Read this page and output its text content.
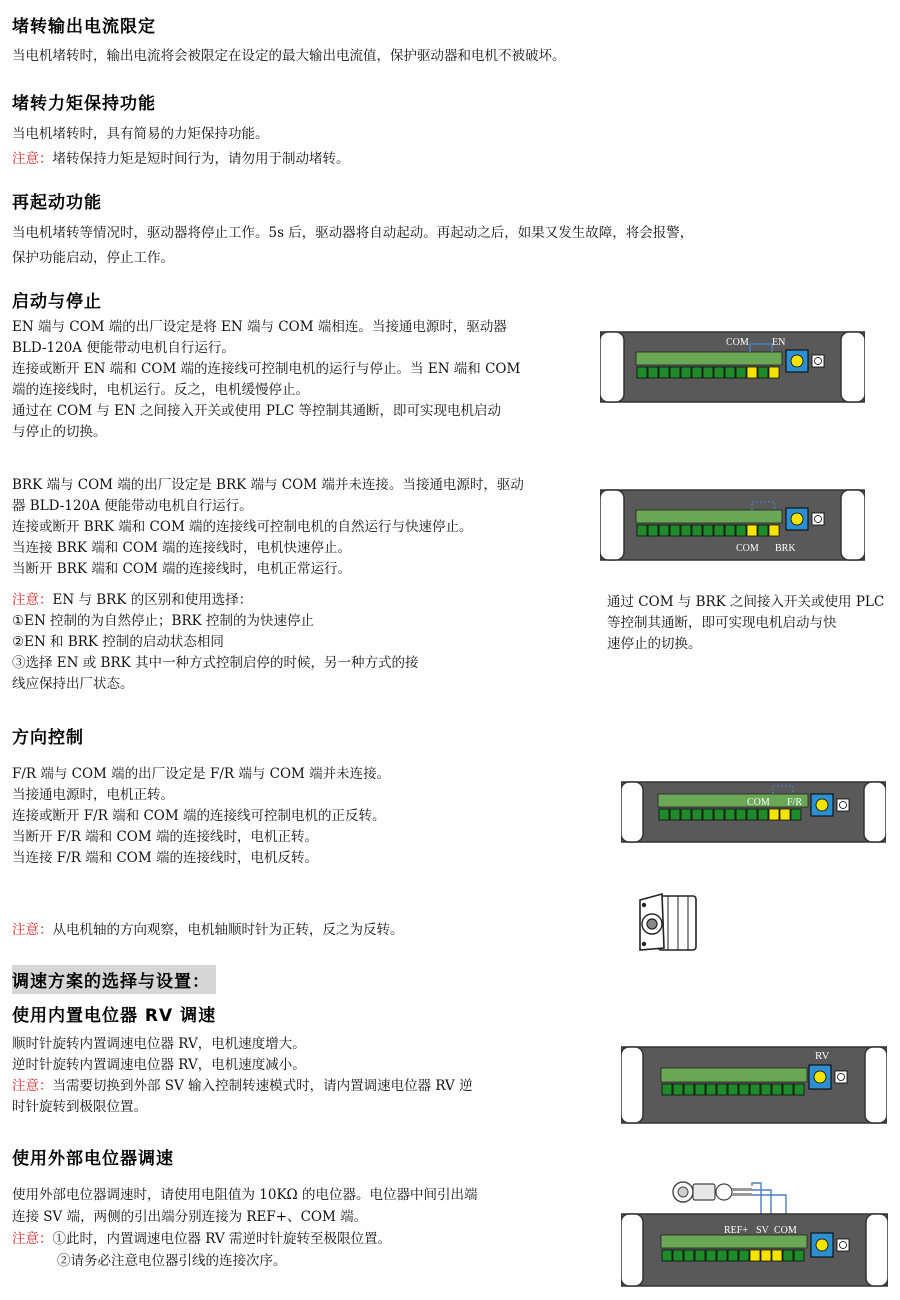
堵转输出电流限定
当电机堵转时，输出电流将会被限定在设定的最大输出电流值，保护驱动器和电机不被破坏。
堵转力矩保持功能
当电机堵转时，具有简易的力矩保持功能。
注意：堵转保持力矩是短时间行为，请勿用于制动堵转。
再起动功能
当电机堵转等情况时，驱动器将停止工作。5s 后，驱动器将自动起动。再起动之后，如果又发生故障，将会报警，
保护功能启动，停止工作。
启动与停止
EN 端与 COM 端的出厂设定是将 EN 端与 COM 端相连。当接通电源时，驱动器
BLD-120A 便能带动电机自行运行。
连接或断开 EN 端和 COM 端的连接线可控制电机的运行与停止。当 EN 端和 COM
端的连接线时，电机运行。反之，电机缓慢停止。
通过在 COM 与 EN 之间接入开关或使用 PLC 等控制其通断，即可实现电机启动
与停止的切换。
BRK 端与 COM 端的出厂设定是 BRK 端与 COM 端并未连接。当接通电源时，驱动
器 BLD-120A 便能带动电机自行运行。
连接或断开 BRK 端和 COM 端的连接线可控制电机的自然运行与快速停止。
当连接 BRK 端和 COM 端的连接线时，电机快速停止。
当断开 BRK 端和 COM 端的连接线时，电机正常运行。
注意：EN 与 BRK 的区别和使用选择：
①EN 控制的为自然停止；BRK 控制的为快速停止
②EN 和 BRK 控制的启动状态相同
③选择 EN 或 BRK 其中一种方式控制启停的时候，另一种方式的接
线应保持出厂状态。
通过 COM 与 BRK 之间接入开关或使用 PLC
等控制其通断，即可实现电机启动与快
速停止的切换。
COM EN
COM BRK
方向控制
F/R 端与 COM 端的出厂设定是 F/R 端与 COM 端并未连接。
当接通电源时，电机正转。
连接或断开 F/R 端和 COM 端的连接线可控制电机的正反转。
当断开 F/R 端和 COM 端的连接线时，电机正转。
当连接 F/R 端和 COM 端的连接线时，电机反转。
注意：从电机轴的方向观察，电机轴顺时针为正转，反之为反转。
COM F/R
调速方案的选择与设置：
使用内置电位器 RV 调速
顺时针旋转内置调速电位器 RV，电机速度增大。
逆时针旋转内置调速电位器 RV，电机速度减小。
注意：当需要切换到外部 SV 输入控制转速模式时，请内置调速电位器 RV 逆
时针旋转到极限位置。
RV
使用外部电位器调速
使用外部电位器调速时，请使用电阻值为 10KΩ 的电位器。电位器中间引出端
连接 SV 端，两侧的引出端分别连接为 REF+、COM 端。
注意：①此时，内置调速电位器 RV 需逆时针旋转至极限位置。
②请务必注意电位器引线的连接次序。
REF+ SV COM
